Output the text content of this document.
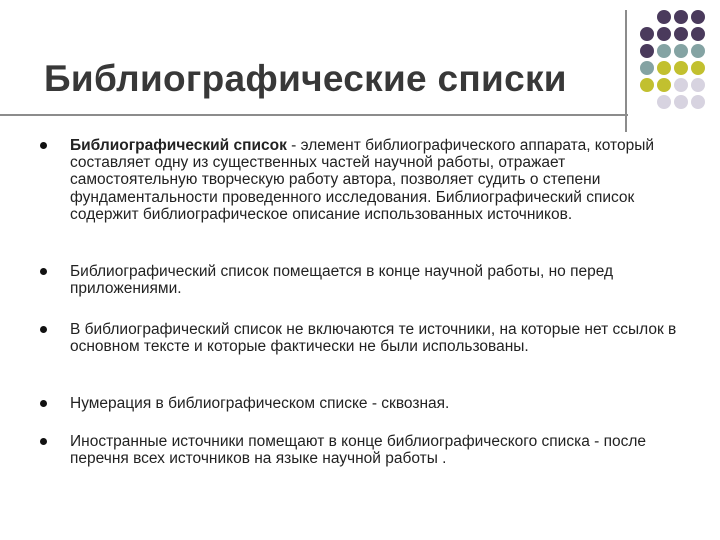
Библиографические списки
Библиографический список - элемент библиографического аппарата, который составляет одну из существенных частей научной работы, отражает самостоятельную творческую работу автора, позволяет судить о степени фундаментальности проведенного исследования. Библиографический список содержит библиографическое описание использованных источников.
Библиографический список помещается в конце научной работы, но перед приложениями.
В библиографический список не включаются те источники, на которые нет ссылок в основном тексте и которые фактически не были использованы.
Нумерация в библиографическом списке - сквозная.
Иностранные источники помещают в конце библиографического списка - после перечня всех источников на языке научной работы .
